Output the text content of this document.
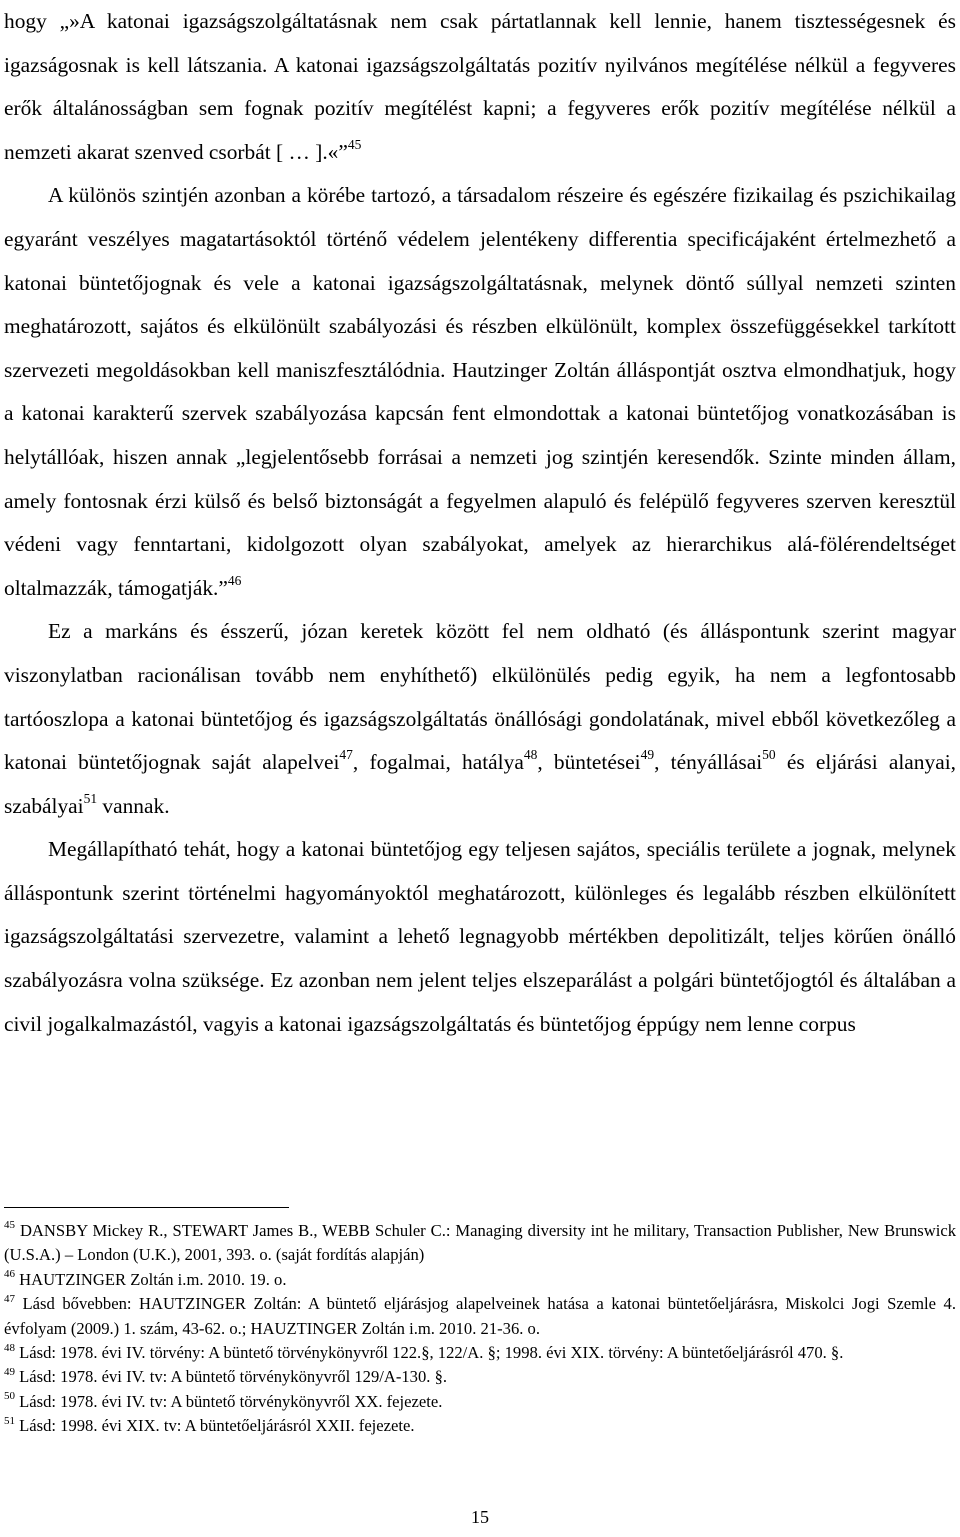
hogy „»A katonai igazságszolgáltatásnak nem csak pártatlannak kell lennie, hanem tisztességesnek és igazságosnak is kell látszania. A katonai igazságszolgáltatás pozitív nyilvános megítélése nélkül a fegyveres erők általánosságban sem fognak pozitív megítélést kapni; a fegyveres erők pozitív megítélése nélkül a nemzeti akarat szenved csorbát [ … ].«”$^{45}$

A különös szintjén azonban a körébe tartozó, a társadalom részeire és egészére fizikailag és pszichikailag egyaránt veszélyes magatartásoktól történő védelem jelentékeny differentia specificájaként értelmezhető a katonai büntetőjognak és vele a katonai igazságszolgáltatásnak, melynek döntő súllyal nemzeti szinten meghatározott, sajátos és elkülönült szabályozási és részben elkülönült, komplex összefüggésekkel tarkított szervezeti megoldásokban kell maniszfesztálódnia. Hautzinger Zoltán álláspontját osztva elmondhatjuk, hogy a katonai karakterű szervek szabályozása kapcsán fent elmondottak a katonai büntetőjog vonatkozásában is helytállóak, hiszen annak „legjelentősebb forrásai a nemzeti jog szintjén keresendők. Szinte minden állam, amely fontosnak érzi külső és belső biztonságát a fegyelmen alapuló és felépülő fegyveres szerven keresztül védeni vagy fenntartani, kidolgozott olyan szabályokat, amelyek az hierarchikus alá-fölérendeltséget oltalmazzák, támogatják.”$^{46}$

Ez a markáns és ésszerű, józan keretek között fel nem oldható (és álláspontunk szerint magyar viszonylatban racionálisan tovább nem enyhíthető) elkülönülés pedig egyik, ha nem a legfontosabb tartóoszlopa a katonai büntetőjog és igazságszolgáltatás önállósági gondolatának, mivel ebből következőleg a katonai büntetőjognak saját alapelvei$^{47}$, fogalmai, hatálya$^{48}$, büntetései$^{49}$, tényállásai$^{50}$ és eljárási alanyai, szabályai$^{51}$ vannak.

Megállapítható tehát, hogy a katonai büntetőjog egy teljesen sajátos, speciális területe a jognak, melynek álláspontunk szerint történelmi hagyományoktól meghatározott, különleges és legalább részben elkülönített igazságszolgáltatási szervezetre, valamint a lehető legnagyobb mértékben depolitizált, teljes körűen önálló szabályozásra volna szüksége. Ez azonban nem jelent teljes elszeparálást a polgári büntetőjogtól és általában a civil jogalkalmazástól, vagyis a katonai igazságszolgáltatás és büntetőjog éppúgy nem lenne corpus

$^{45}$ DANSBY Mickey R., STEWART James B., WEBB Schuler C.: Managing diversity int he military, Transaction Publisher, New Brunswick (U.S.A.) – London (U.K.), 2001, 393. o. (saját fordítás alapján)

$^{46}$ HAUTZINGER Zoltán i.m. 2010. 19. o.

$^{47}$ Lásd bővebben: HAUTZINGER Zoltán: A büntető eljárásjog alapelveinek hatása a katonai büntetőeljárásra, Miskolci Jogi Szemle 4. évfolyam (2009.) 1. szám, 43-62. o.; HAUZTINGER Zoltán i.m. 2010. 21-36. o.

$^{48}$ Lásd: 1978. évi IV. törvény: A büntető törvénykönyvről 122.§, 122/A. §; 1998. évi XIX. törvény: A büntetőeljárásról 470. §.

$^{49}$ Lásd: 1978. évi IV. tv: A büntető törvénykönyvről 129/A-130. §.

$^{50}$ Lásd: 1978. évi IV. tv: A büntető törvénykönyvről XX. fejezete.

$^{51}$ Lásd: 1998. évi XIX. tv: A büntetőeljárásról XXII. fejezete.

15
